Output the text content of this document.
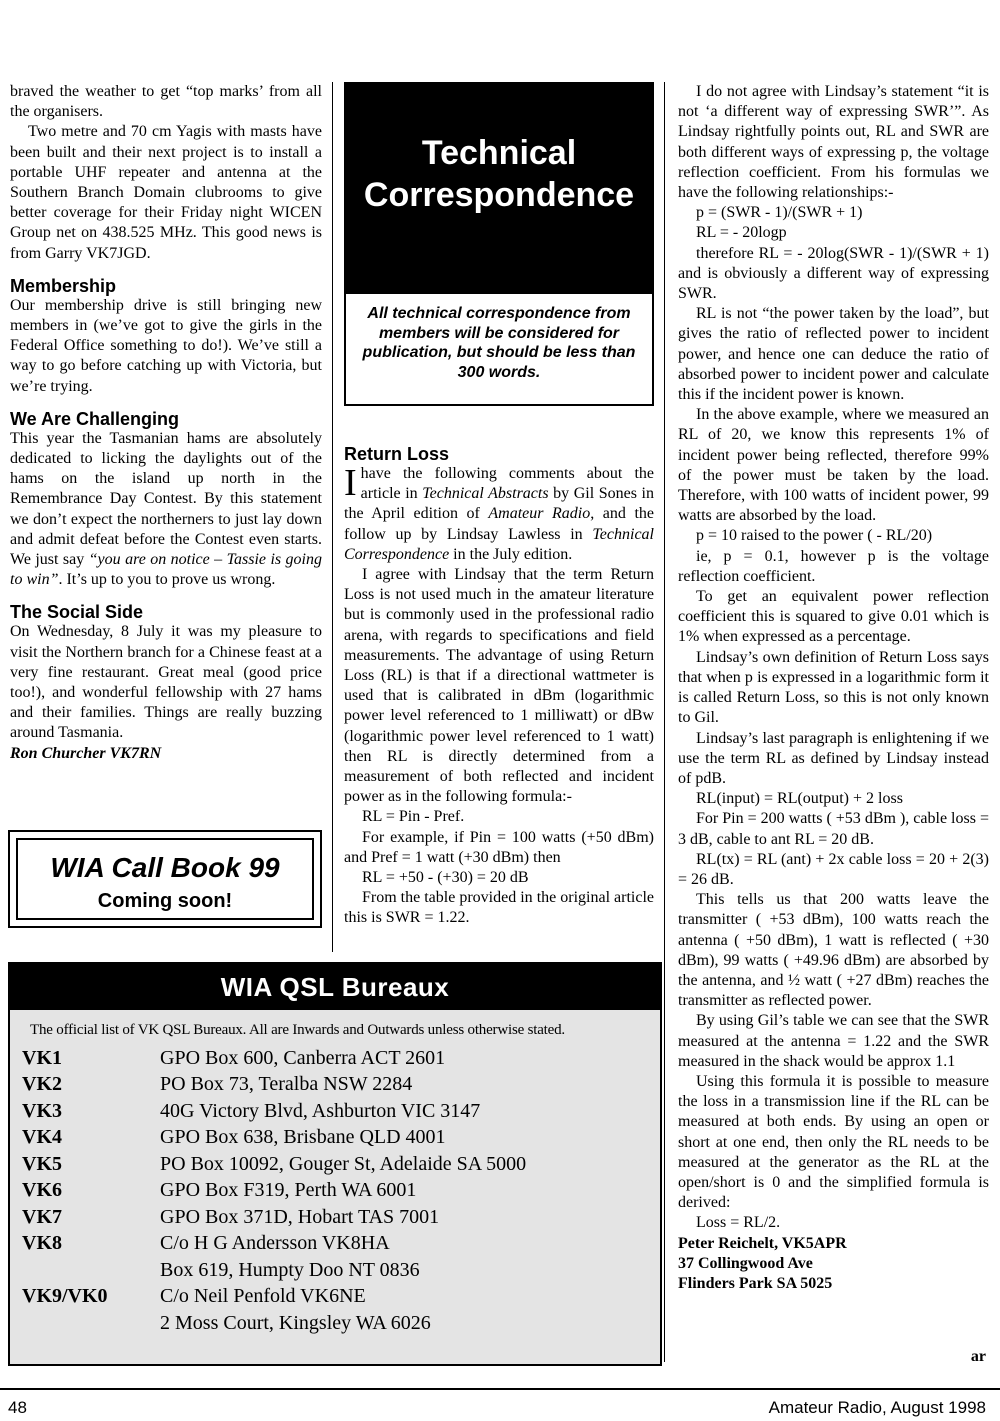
braved the weather to get “top marks’ from all the organisers.

Two metre and 70 cm Yagis with masts have been built and their next project is to install a portable UHF repeater and antenna at the Southern Branch Domain clubrooms to give better coverage for their Friday night WICEN Group net on 438.525 MHz. This good news is from Garry VK7JGD.

Membership

Our membership drive is still bringing new members in (we’ve got to give the girls in the Federal Office something to do!). We’ve still a way to go before catching up with Victoria, but we’re trying.

We Are Challenging

This year the Tasmanian hams are absolutely dedicated to licking the daylights out of the hams on the island up north in the Remembrance Day Contest. By this statement we don’t expect the northerners to just lay down and admit defeat before the Contest even starts. We just say “you are on notice – Tassie is going to win”. It’s up to you to prove us wrong.

The Social Side

On Wednesday, 8 July it was my pleasure to visit the Northern branch for a Chinese feast at a very fine restaurant. Great meal (good price too!), and wonderful fellowship with 27 hams and their families. Things are really buzzing around Tasmania.

Ron Churcher VK7RN

Technical
Correspondence
All technical correspondence from members will be considered for publication, but should be less than 300 words.
WIA Call Book 99
Coming soon!
Return Loss

I have the following comments about the article in Technical Abstracts by Gil Sones in the April edition of Amateur Radio, and the follow up by Lindsay Lawless in Technical Correspondence in the July edition.

I agree with Lindsay that the term Return Loss is not used much in the amateur literature but is commonly used in the professional radio arena, with regards to specifications and field measurements. The advantage of using Return Loss (RL) is that if a directional wattmeter is used that is calibrated in dBm (logarithmic power level referenced to 1 milliwatt) or dBw (logarithmic power level referenced to 1 watt) then RL is directly determined from a measurement of both reflected and incident power as in the following formula:-

RL = Pin - Pref.

For example, if Pin = 100 watts (+50 dBm) and Pref = 1 watt (+30 dBm) then

RL = +50 - (+30) = 20 dB

From the table provided in the original article this is SWR = 1.22.

I do not agree with Lindsay’s statement “it is not ‘a different way of expressing SWR’”. As Lindsay rightfully points out, RL and SWR are both different ways of expressing p, the voltage reflection coefficient. From his formulas we have the following relationships:-

p = (SWR - 1)/(SWR + 1)

RL = - 20logp

therefore RL = - 20log(SWR - 1)/(SWR + 1) and is obviously a different way of expressing SWR.

RL is not “the power taken by the load”, but gives the ratio of reflected power to incident power, and hence one can deduce the ratio of absorbed power to incident power and calculate this if the incident power is known.

In the above example, where we measured an RL of 20, we know this represents 1% of incident power being reflected, therefore 99% of the power must be taken by the load. Therefore, with 100 watts of incident power, 99 watts are absorbed by the load.

p = 10 raised to the power ( - RL/20)

ie, p = 0.1, however p is the voltage reflection coefficient.

To get an equivalent power reflection coefficient this is squared to give 0.01 which is 1% when expressed as a percentage.

Lindsay’s own definition of Return Loss says that when p is expressed in a logarithmic form it is called Return Loss, so this is not only known to Gil.

Lindsay’s last paragraph is enlightening if we use the term RL as defined by Lindsay instead of pdB.

RL(input) = RL(output) + 2 loss

For Pin = 200 watts ( +53 dBm ), cable loss = 3 dB, cable to ant RL = 20 dB.

RL(tx) = RL (ant) + 2x cable loss = 20 + 2(3) = 26 dB.

This tells us that 200 watts leave the transmitter ( +53 dBm), 100 watts reach the antenna ( +50 dBm), 1 watt is reflected ( +30 dBm), 99 watts ( +49.96 dBm) are absorbed by the antenna, and ½ watt ( +27 dBm) reaches the transmitter as reflected power.

By using Gil’s table we can see that the SWR measured at the antenna = 1.22 and the SWR measured in the shack would be approx 1.1

Using this formula it is possible to measure the loss in a transmission line if the RL can be measured at both ends. By using an open or short at one end, then only the RL needs to be measured at the generator as the RL at the open/short is 0 and the simplified formula is derived:

Loss = RL/2.

Peter Reichelt, VK5APR

37 Collingwood Ave

Flinders Park SA 5025

ar
WIA QSL Bureaux
The official list of VK QSL Bureaux. All are Inwards and Outwards unless otherwise stated.
VK1	GPO Box 600, Canberra ACT 2601
VK2	PO Box 73, Teralba NSW 2284
VK3	40G Victory Blvd, Ashburton VIC 3147
VK4	GPO Box 638, Brisbane QLD 4001
VK5	PO Box 10092, Gouger St, Adelaide SA 5000
VK6	GPO Box F319, Perth WA 6001
VK7	GPO Box 371D, Hobart TAS 7001
VK8	C/o H G Andersson VK8HA
	Box 619, Humpty Doo NT 0836
VK9/VK0	C/o Neil Penfold VK6NE
	2 Moss Court, Kingsley WA 6026
48	Amateur Radio, August 1998
